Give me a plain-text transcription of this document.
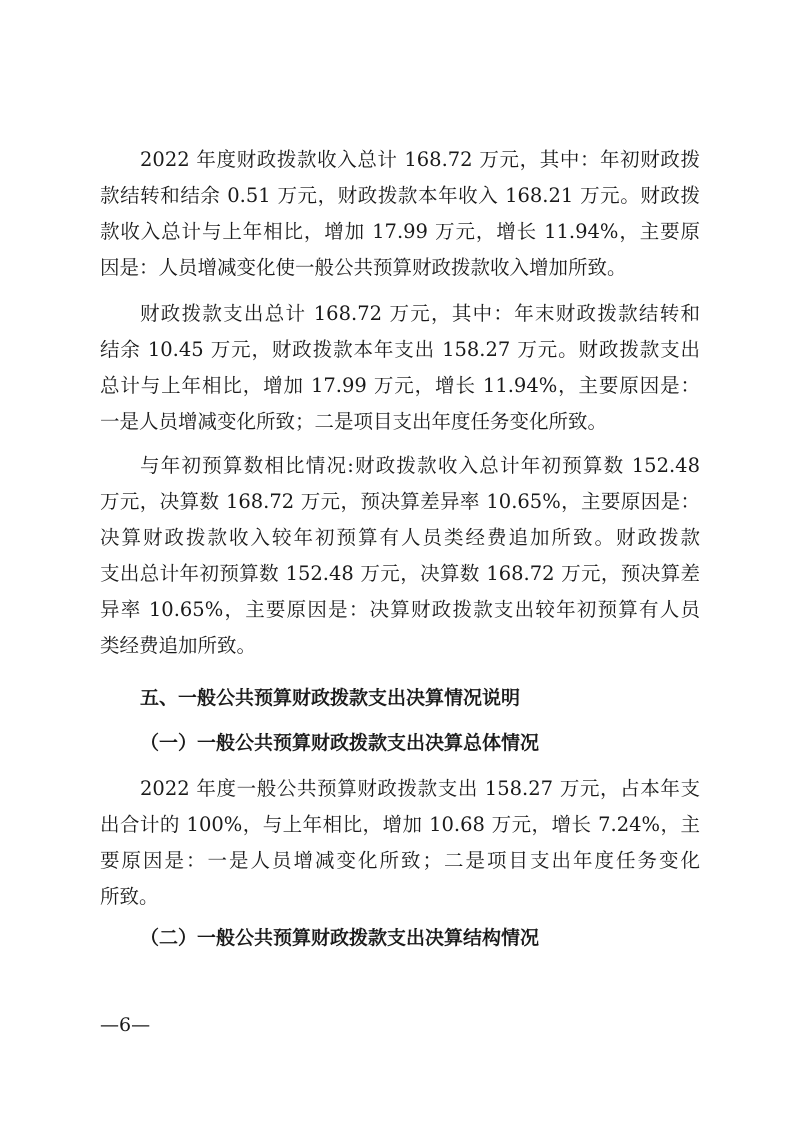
2022 年度财政拨款收入总计 168.72 万元，其中：年初财政拨
款结转和结余 0.51 万元，财政拨款本年收入 168.21 万元。财政拨
款收入总计与上年相比，增加 17.99 万元，增长 11.94%，主要原
因是：人员增减变化使一般公共预算财政拨款收入增加所致。
财政拨款支出总计 168.72 万元，其中：年末财政拨款结转和
结余 10.45 万元，财政拨款本年支出 158.27 万元。财政拨款支出
总计与上年相比，增加 17.99 万元，增长 11.94%，主要原因是：
一是人员增减变化所致；二是项目支出年度任务变化所致。
与年初预算数相比情况:财政拨款收入总计年初预算数 152.48
万元，决算数 168.72 万元，预决算差异率 10.65%，主要原因是：
决算财政拨款收入较年初预算有人员类经费追加所致。财政拨款
支出总计年初预算数 152.48 万元，决算数 168.72 万元，预决算差
异率 10.65%，主要原因是：决算财政拨款支出较年初预算有人员
类经费追加所致。
五、一般公共预算财政拨款支出决算情况说明
（一）一般公共预算财政拨款支出决算总体情况
2022 年度一般公共预算财政拨款支出 158.27 万元，占本年支
出合计的 100%，与上年相比，增加 10.68 万元，增长 7.24%，主
要原因是：一是人员增减变化所致；二是项目支出年度任务变化
所致。
（二）一般公共预算财政拨款支出决算结构情况
—6—
